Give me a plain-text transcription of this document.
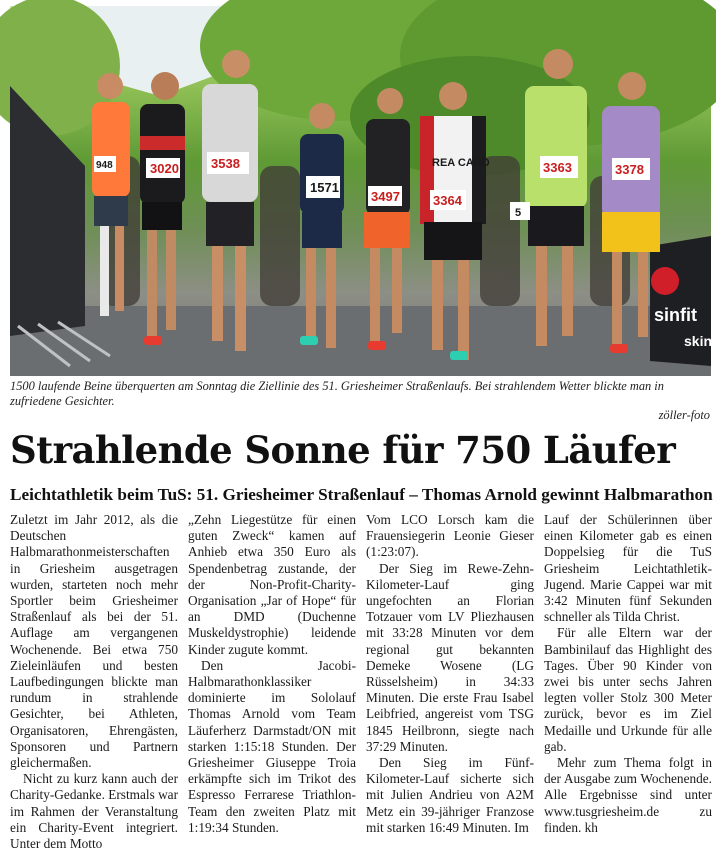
sinfit
skin
3020 3538
1571
3497
REA CARD
3364
3363	3378
948
5
1500 laufende Beine überquerten am Sonntag die Ziellinie des 51. Griesheimer Straßenlaufs. Bei strahlendem Wetter blickte man in zufriedene Gesichter.
zöller-foto
Strahlende Sonne für 750 Läufer
Leichtathletik beim TuS: 51. Griesheimer Straßenlauf – Thomas Arnold gewinnt Halbmarathon

Zuletzt im Jahr 2012, als die Deutschen Halbmarathonmeisterschaften in Griesheim ausgetragen wurden, starteten noch mehr Sportler beim Griesheimer Straßenlauf als bei der 51. Auflage am vergangenen Wochenende. Bei etwa 750 Zieleinläufen und besten Laufbedingungen blickte man rundum in strahlende Gesichter, bei Athleten, Organisatoren, Ehrengästen, Sponsoren und Partnern gleichermaßen.

Nicht zu kurz kann auch der Charity-Gedanke. Erstmals war im Rahmen der Veranstaltung ein Charity-Event integriert. Unter dem Motto

„Zehn Liegestütze für einen guten Zweck“ kamen auf Anhieb etwa 350 Euro als Spendenbetrag zustande, der der Non-Profit-Charity-Organisation „Jar of Hope“ für an DMD (Duchenne Muskeldystrophie) leidende Kinder zugute kommt.

Den Jacobi-Halbmarathonklassiker dominierte im Sololauf Thomas Arnold vom Team Läuferherz Darmstadt/ON mit starken 1:15:18 Stunden. Der Griesheimer Giuseppe Troia erkämpfte sich im Trikot des Espresso Ferrarese Triathlon-Team den zweiten Platz mit 1:19:34 Stunden.

Vom LCO Lorsch kam die Frauensiegerin Leonie Gieser (1:23:07).

Der Sieg im Rewe-Zehn-Kilometer-Lauf ging ungefochten an Florian Totzauer vom LV Pliezhausen mit 33:28 Minuten vor dem regional gut bekannten Demeke Wosene (LG Rüsselsheim) in 34:33 Minuten. Die erste Frau Isabel Leibfried, angereist vom TSG 1845 Heilbronn, siegte nach 37:29 Minuten.

Den Sieg im Fünf-Kilometer-Lauf sicherte sich mit Julien Andrieu von A2M Metz ein 39-jähriger Franzose mit starken 16:49 Minuten. Im

Lauf der Schülerinnen über einen Kilometer gab es einen Doppelsieg für die TuS Griesheim Leichtathletik-Jugend. Marie Cappei war mit 3:42 Minuten fünf Sekunden schneller als Tilda Christ.

Für alle Eltern war der Bambinilauf das Highlight des Tages. Über 90 Kinder von zwei bis unter sechs Jahren legten voller Stolz 300 Meter zurück, bevor es im Ziel Medaille und Urkunde für alle gab.

Mehr zum Thema folgt in der Ausgabe zum Wochenende. Alle Ergebnisse sind unter www.tusgriesheim.de zu finden. kh
